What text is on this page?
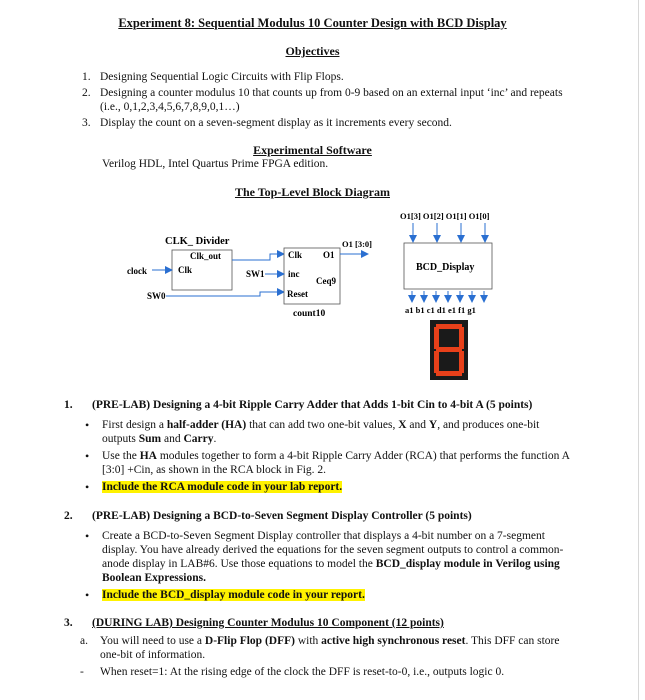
Experiment 8: Sequential Modulus 10 Counter Design with BCD Display
Objectives
1. Designing Sequential Logic Circuits with Flip Flops.
2. Designing a counter modulus 10 that counts up from 0-9 based on an external input ‘inc’ and repeats (i.e., 0,1,2,3,4,5,6,7,8,9,0,1…)
3. Display the count on a seven-segment display as it increments every second.
Experimental Software
Verilog HDL, Intel Quartus Prime FPGA edition.
The Top-Level Block Diagram
CLK_ Divider
Clk_out
Clk
clock
SW0
Clk O1
inc
Ceq9
Reset
count10
SW1
O1 [3:0]
O1[3] O1[2] O1[1] O1[0]
BCD_Display
a1 b1 c1 d1 e1 f1 g1
1.	(PRE-LAB) Designing a 4-bit Ripple Carry Adder that Adds 1-bit Cin to 4-bit A (5 points)
• First design a half-adder (HA) that can add two one-bit values, X and Y, and produces one-bit outputs Sum and Carry.
• Use the HA modules together to form a 4-bit Ripple Carry Adder (RCA) that performs the function A [3:0] +Cin, as shown in the RCA block in Fig. 2.
• Include the RCA module code in your lab report.
2.	(PRE-LAB) Designing a BCD-to-Seven Segment Display Controller (5 points)
• Create a BCD-to-Seven Segment Display controller that displays a 4-bit number on a 7-segment display. You have already derived the equations for the seven segment outputs to control a common-anode display in LAB#6. Use those equations to model the BCD_display module in Verilog using Boolean Expressions.
• Include the BCD_display module code in your report.
3.	(DURING LAB) Designing Counter Modulus 10 Component (12 points)
a. You will need to use a D-Flip Flop (DFF) with active high synchronous reset. This DFF can store one-bit of information.
- When reset=1: At the rising edge of the clock the DFF is reset-to-0, i.e., outputs logic 0.
